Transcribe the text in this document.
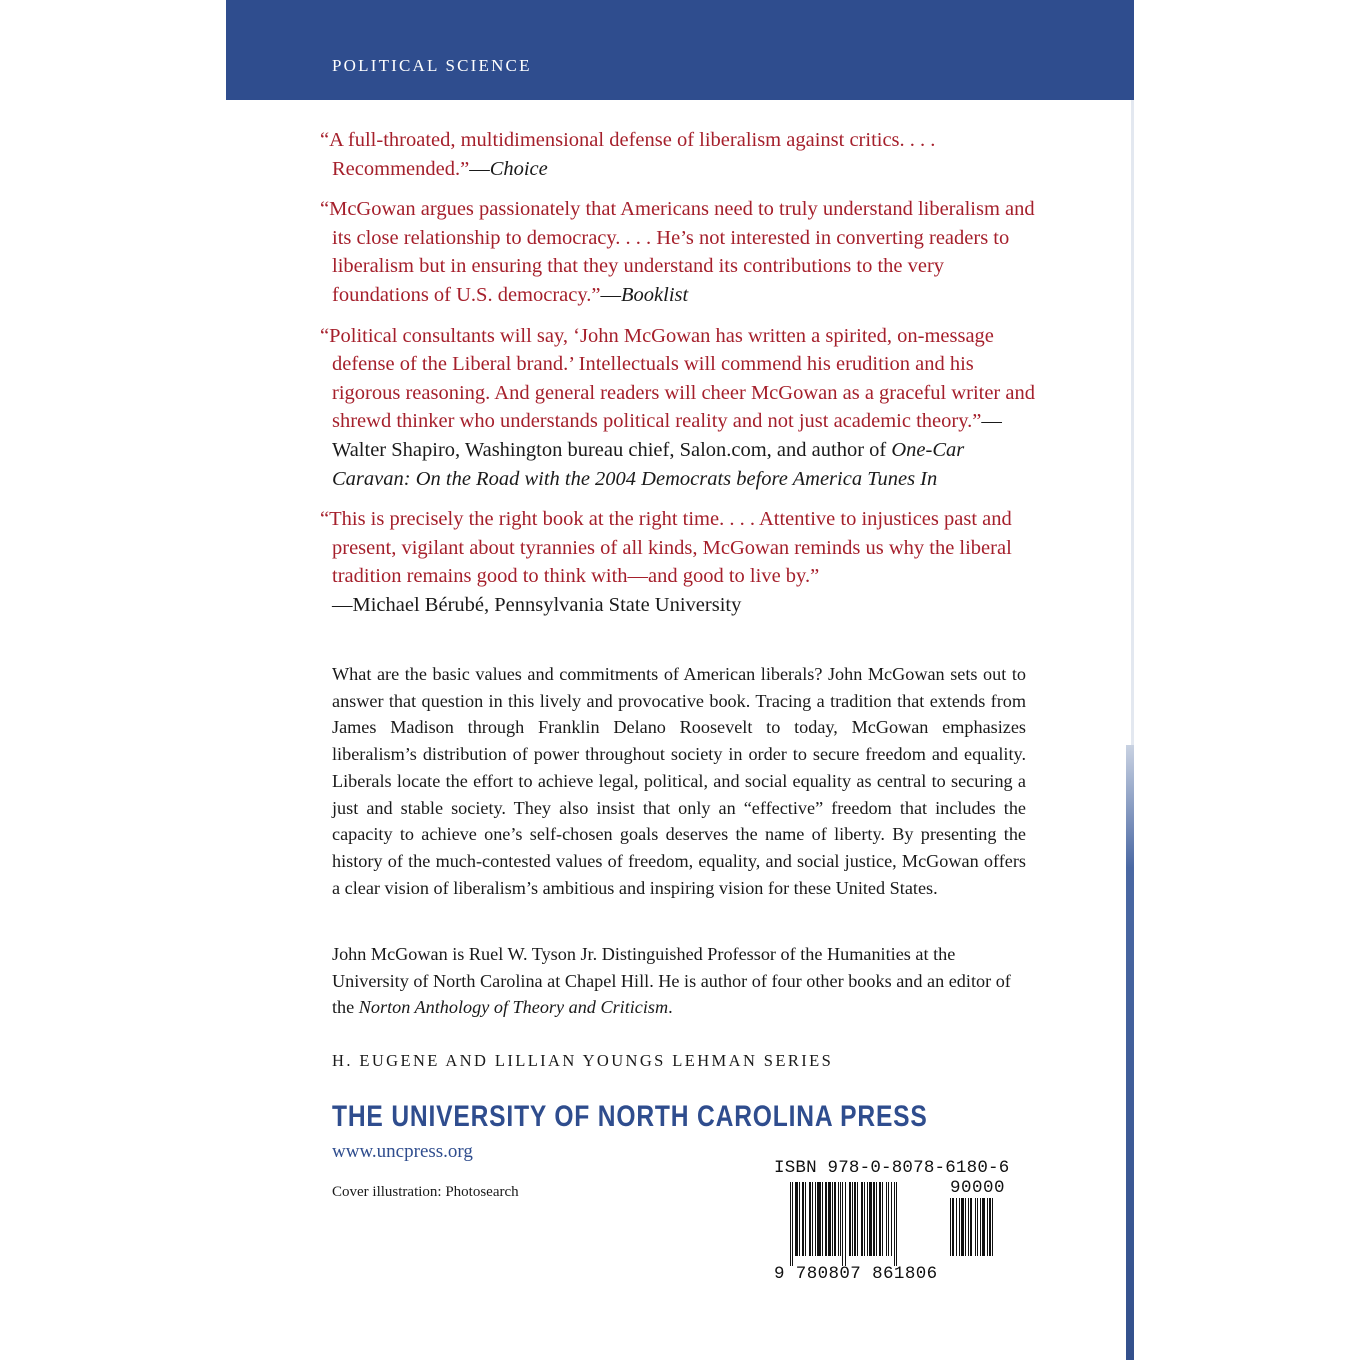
POLITICAL SCIENCE

“A full-throated, multidimensional defense of liberalism against critics. . . . Recommended.”—Choice

“McGowan argues passionately that Americans need to truly understand liberalism and its close relationship to democracy. . . . He’s not interested in converting readers to liberalism but in ensuring that they understand its contributions to the very foundations of U.S. democracy.”—Booklist

“Political consultants will say, ‘John McGowan has written a spirited, on-message defense of the Liberal brand.’ Intellectuals will commend his erudition and his rigorous reasoning. And general readers will cheer McGowan as a graceful writer and shrewd thinker who understands political reality and not just academic theory.”—Walter Shapiro, Washington bureau chief, Salon.com, and author of One-Car Caravan: On the Road with the 2004 Democrats before America Tunes In

“This is precisely the right book at the right time. . . . Attentive to injustices past and present, vigilant about tyrannies of all kinds, McGowan reminds us why the liberal tradition remains good to think with—and good to live by.”
—Michael Bérubé, Pennsylvania State University

What are the basic values and commitments of American liberals? John McGowan sets out to answer that question in this lively and provocative book. Tracing a tradition that extends from James Madison through Franklin Delano Roosevelt to today, McGowan emphasizes liberalism’s distribution of power throughout society in order to secure freedom and equality. Liberals locate the effort to achieve legal, political, and social equality as central to securing a just and stable society. They also insist that only an “effective” freedom that includes the capacity to achieve one’s self-chosen goals deserves the name of liberty. By presenting the history of the much-contested values of freedom, equality, and social justice, McGowan offers a clear vision of liberalism’s ambitious and inspiring vision for these United States.

John McGowan is Ruel W. Tyson Jr. Distinguished Professor of the Humanities at the University of North Carolina at Chapel Hill. He is author of four other books and an editor of the Norton Anthology of Theory and Criticism.

H. EUGENE AND LILLIAN YOUNGS LEHMAN SERIES
THE UNIVERSITY OF NORTH CAROLINA PRESS
www.uncpress.org
Cover illustration: Photosearch
ISBN 978-0-8078-6180-6
90000
9 780807 861806
